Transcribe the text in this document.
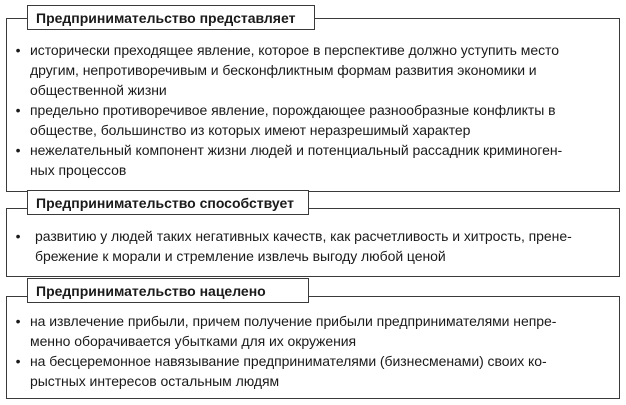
• исторически преходящее явление, которое в перспективе должно уступить место
другим, непротиворечивым и бесконфликтным формам развития экономики и
общественной жизни
• предельно противоречивое явление, порождающее разнообразные конфликты в
обществе, большинство из которых имеют неразрешимый характер
• нежелательный компонент жизни людей и потенциальный рассадник криминоген-
ных процессов
Предпринимательство представляет
• развитию у людей таких негативных качеств, как расчетливость и хитрость, прене-
брежение к морали и стремление извлечь выгоду любой ценой
Предпринимательство способствует
• на извлечение прибыли, причем получение прибыли предпринимателями непре-
менно оборачивается убытками для их окружения
• на бесцеремонное навязывание предпринимателями (бизнесменами) своих ко-
рыстных интересов остальным людям
Предпринимательство нацелено
